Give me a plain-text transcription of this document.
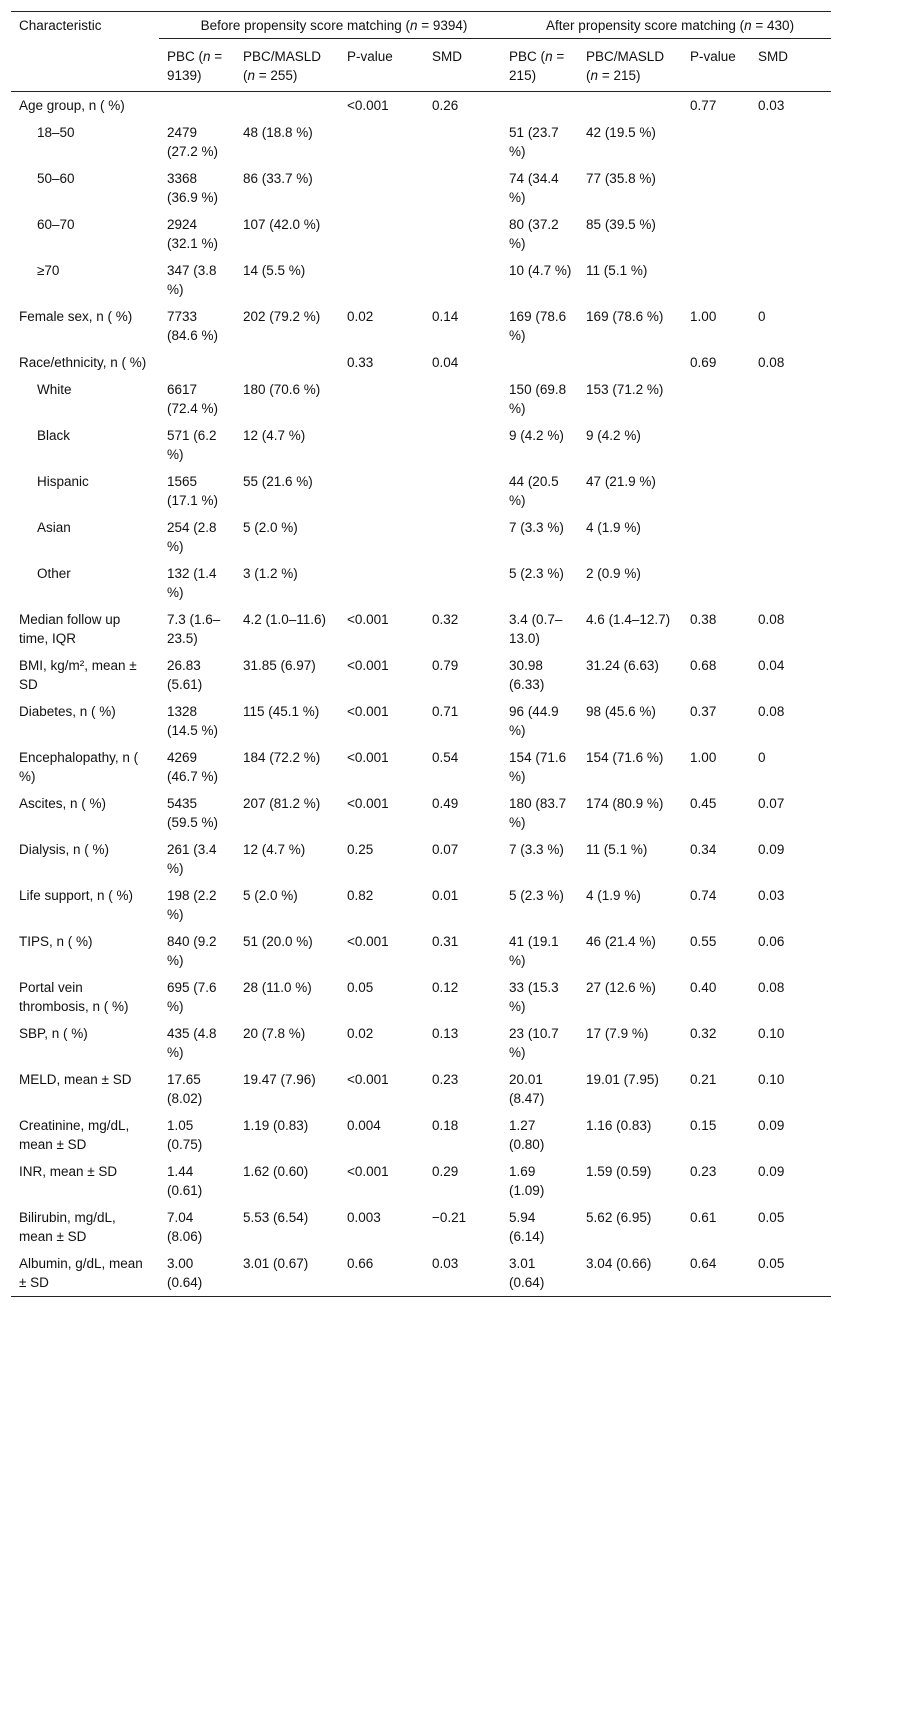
Characteristic	Before propensity score matching (n = 9394)				After propensity score matching (n = 430)			

	PBC (n = 9139)	PBC/MASLD (n = 255)	P-value	SMD	PBC (n = 215)	PBC/MASLD (n = 215)	P-value	SMD
Age group, n ( %)			<0.001	0.26			0.77	0.03
18–50	2479 (27.2 %)	48 (18.8 %)			51 (23.7 %)	42 (19.5 %)		
50–60	3368 (36.9 %)	86 (33.7 %)			74 (34.4 %)	77 (35.8 %)		
60–70	2924 (32.1 %)	107 (42.0 %)			80 (37.2 %)	85 (39.5 %)		
≥70	347 (3.8 %)	14 (5.5 %)			10 (4.7 %)	11 (5.1 %)		
Female sex, n ( %)	7733 (84.6 %)	202 (79.2 %)	0.02	0.14	169 (78.6 %)	169 (78.6 %)	1.00	0
Race/ethnicity, n ( %)			0.33	0.04			0.69	0.08
White	6617 (72.4 %)	180 (70.6 %)			150 (69.8 %)	153 (71.2 %)		
Black	571 (6.2 %)	12 (4.7 %)			9 (4.2 %)	9 (4.2 %)		
Hispanic	1565 (17.1 %)	55 (21.6 %)			44 (20.5 %)	47 (21.9 %)		
Asian	254 (2.8 %)	5 (2.0 %)			7 (3.3 %)	4 (1.9 %)		
Other	132 (1.4 %)	3 (1.2 %)			5 (2.3 %)	2 (0.9 %)		
Median follow up time, IQR	7.3 (1.6–23.5)	4.2 (1.0–11.6)	<0.001	0.32	3.4 (0.7–13.0)	4.6 (1.4–12.7)	0.38	0.08
BMI, kg/m², mean ± SD	26.83 (5.61)	31.85 (6.97)	<0.001	0.79	30.98 (6.33)	31.24 (6.63)	0.68	0.04
Diabetes, n ( %)	1328 (14.5 %)	115 (45.1 %)	<0.001	0.71	96 (44.9 %)	98 (45.6 %)	0.37	0.08
Encephalopathy, n ( %)	4269 (46.7 %)	184 (72.2 %)	<0.001	0.54	154 (71.6 %)	154 (71.6 %)	1.00	0
Ascites, n ( %)	5435 (59.5 %)	207 (81.2 %)	<0.001	0.49	180 (83.7 %)	174 (80.9 %)	0.45	0.07
Dialysis, n ( %)	261 (3.4 %)	12 (4.7 %)	0.25	0.07	7 (3.3 %)	11 (5.1 %)	0.34	0.09
Life support, n ( %)	198 (2.2 %)	5 (2.0 %)	0.82	0.01	5 (2.3 %)	4 (1.9 %)	0.74	0.03
TIPS, n ( %)	840 (9.2 %)	51 (20.0 %)	<0.001	0.31	41 (19.1 %)	46 (21.4 %)	0.55	0.06
Portal vein thrombosis, n ( %)	695 (7.6 %)	28 (11.0 %)	0.05	0.12	33 (15.3 %)	27 (12.6 %)	0.40	0.08
SBP, n ( %)	435 (4.8 %)	20 (7.8 %)	0.02	0.13	23 (10.7 %)	17 (7.9 %)	0.32	0.10
MELD, mean ± SD	17.65 (8.02)	19.47 (7.96)	<0.001	0.23	20.01 (8.47)	19.01 (7.95)	0.21	0.10
Creatinine, mg/dL, mean ± SD	1.05 (0.75)	1.19 (0.83)	0.004	0.18	1.27 (0.80)	1.16 (0.83)	0.15	0.09
INR, mean ± SD	1.44 (0.61)	1.62 (0.60)	<0.001	0.29	1.69 (1.09)	1.59 (0.59)	0.23	0.09
Bilirubin, mg/dL, mean ± SD	7.04 (8.06)	5.53 (6.54)	0.003	−0.21	5.94 (6.14)	5.62 (6.95)	0.61	0.05
Albumin, g/dL, mean ± SD	3.00 (0.64)	3.01 (0.67)	0.66	0.03	3.01 (0.64)	3.04 (0.66)	0.64	0.05
